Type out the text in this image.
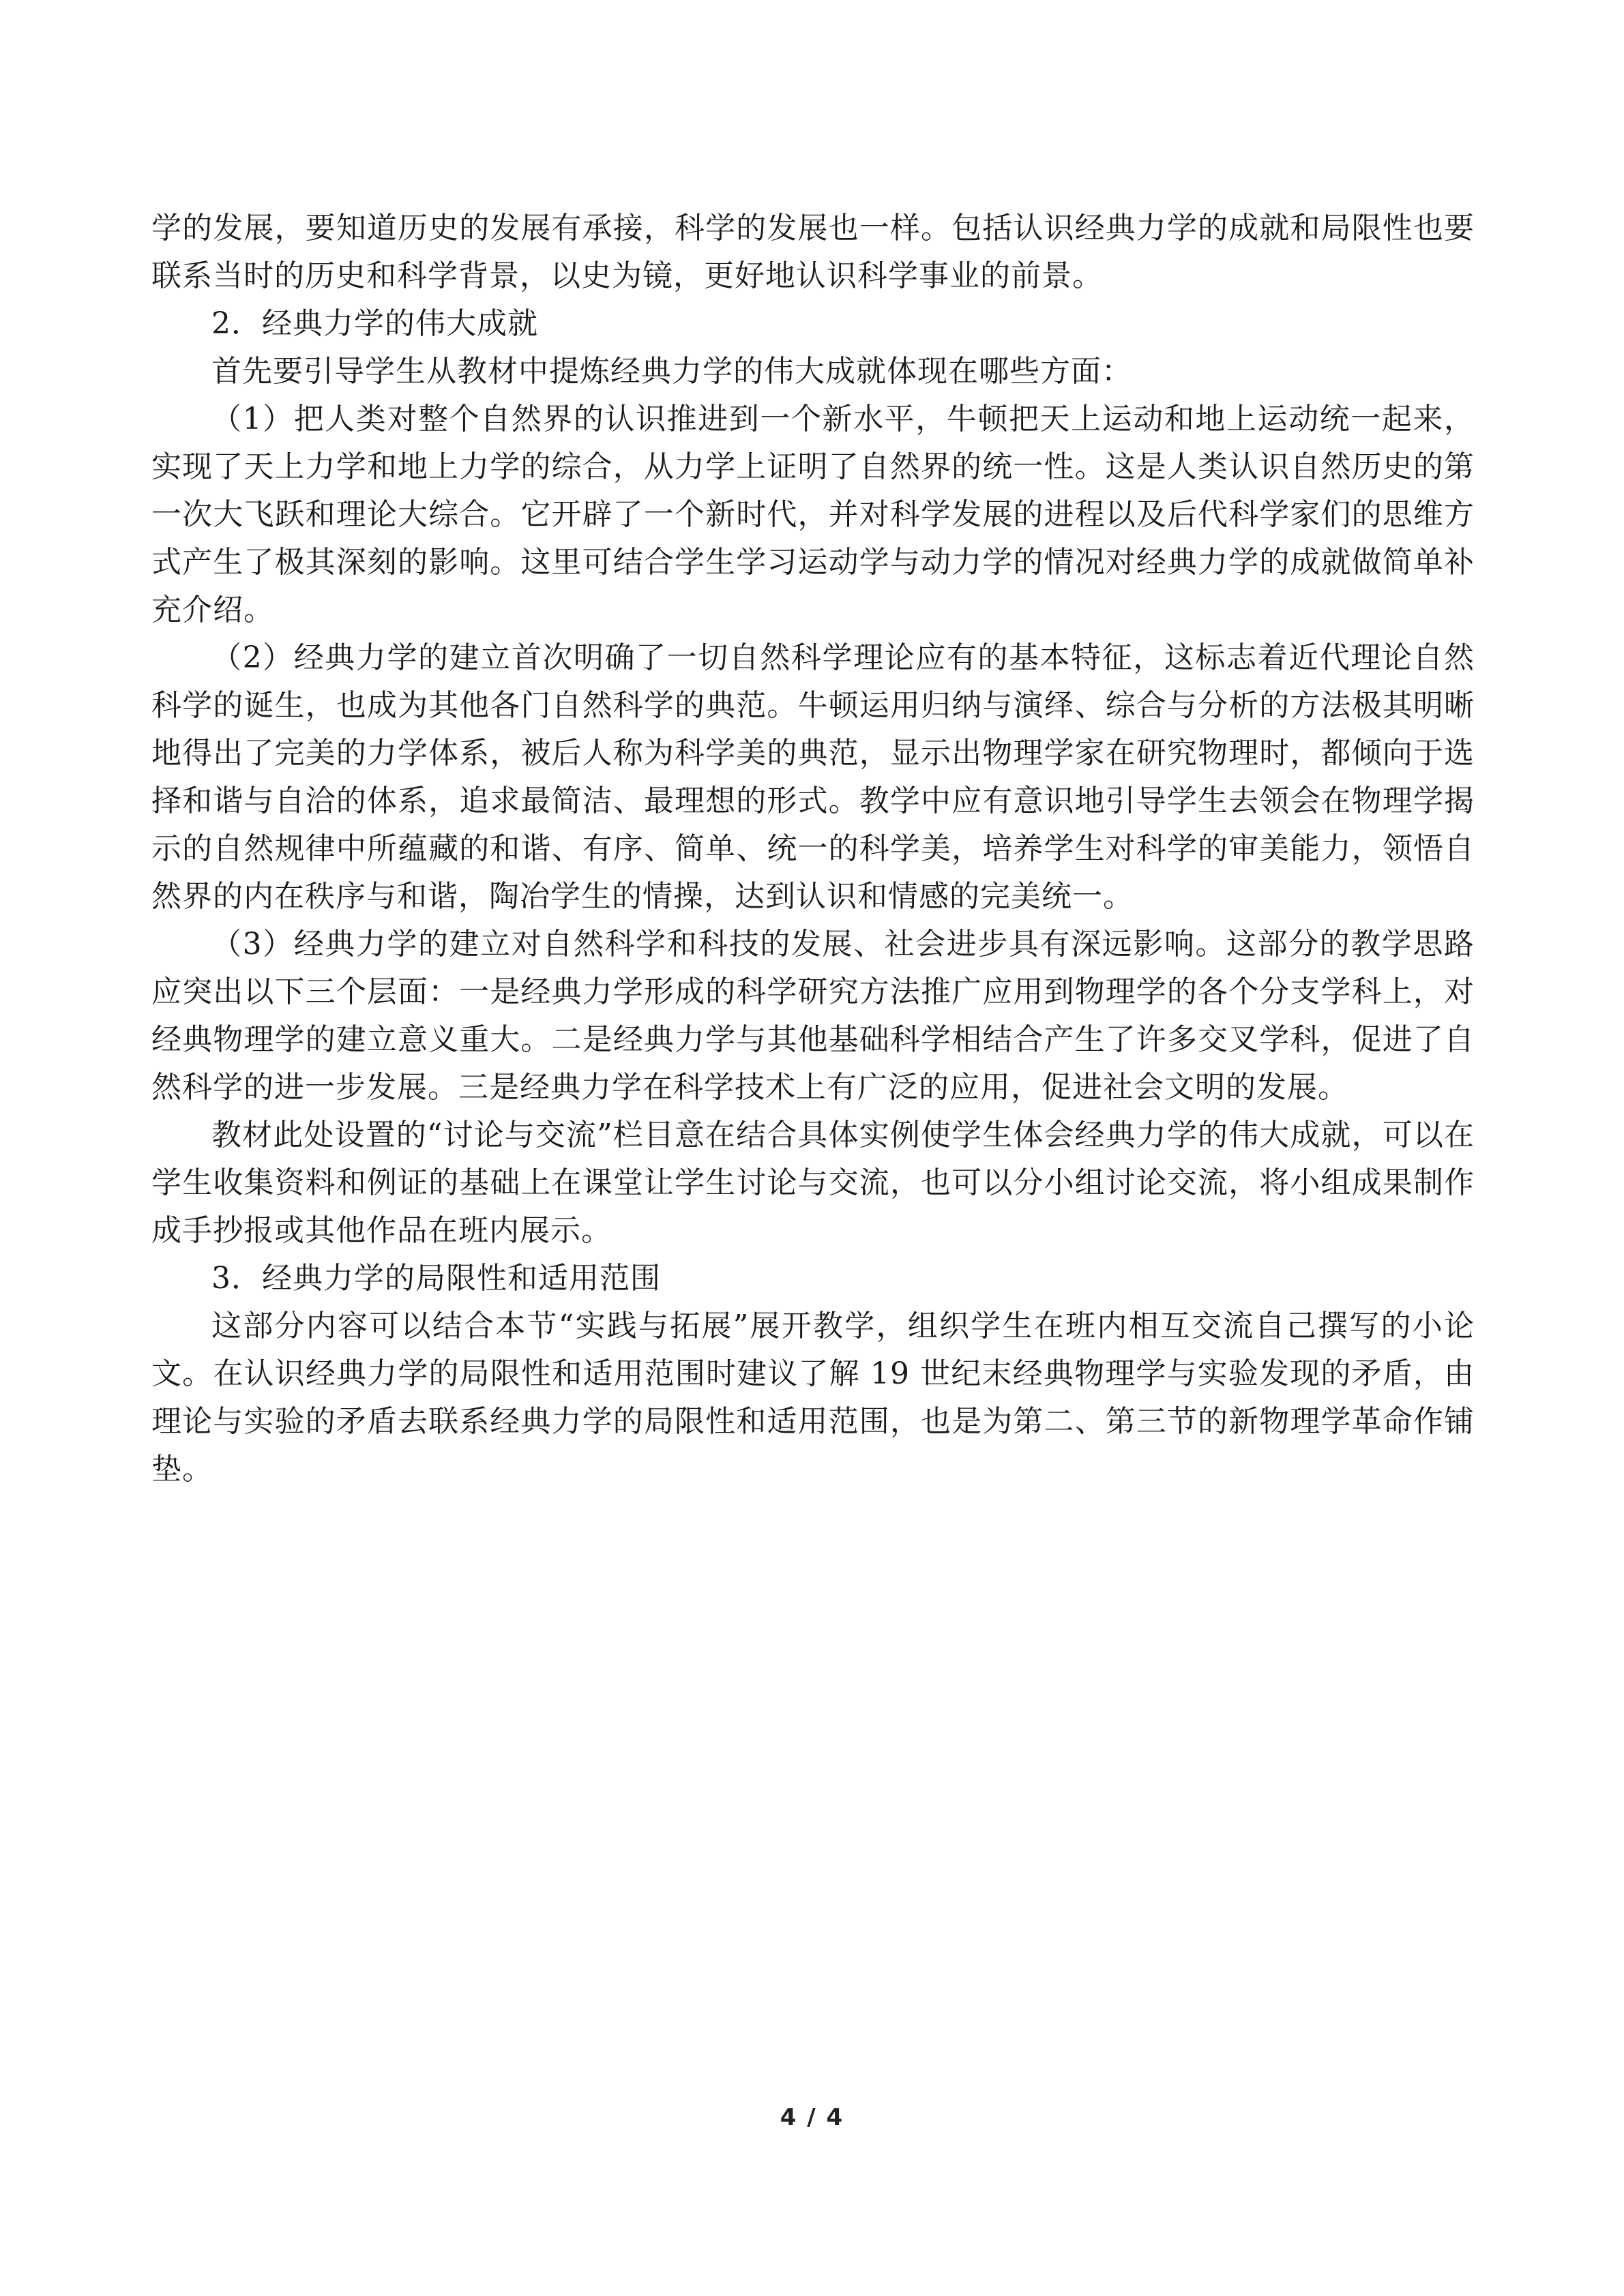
学的发展，要知道历史的发展有承接，科学的发展也一样。包括认识经典力学的成就和局限性也要联系当时的历史和科学背景，以史为镜，更好地认识科学事业的前景。

2．经典力学的伟大成就

首先要引导学生从教材中提炼经典力学的伟大成就体现在哪些方面：

（1）把人类对整个自然界的认识推进到一个新水平，牛顿把天上运动和地上运动统一起来，实现了天上力学和地上力学的综合，从力学上证明了自然界的统一性。这是人类认识自然历史的第一次大飞跃和理论大综合。它开辟了一个新时代，并对科学发展的进程以及后代科学家们的思维方式产生了极其深刻的影响。这里可结合学生学习运动学与动力学的情况对经典力学的成就做简单补充介绍。

（2）经典力学的建立首次明确了一切自然科学理论应有的基本特征，这标志着近代理论自然科学的诞生，也成为其他各门自然科学的典范。牛顿运用归纳与演绎、综合与分析的方法极其明晰地得出了完美的力学体系，被后人称为科学美的典范，显示出物理学家在研究物理时，都倾向于选择和谐与自洽的体系，追求最简洁、最理想的形式。教学中应有意识地引导学生去领会在物理学揭示的自然规律中所蕴藏的和谐、有序、简单、统一的科学美，培养学生对科学的审美能力，领悟自然界的内在秩序与和谐，陶冶学生的情操，达到认识和情感的完美统一。

（3）经典力学的建立对自然科学和科技的发展、社会进步具有深远影响。这部分的教学思路应突出以下三个层面：一是经典力学形成的科学研究方法推广应用到物理学的各个分支学科上，对经典物理学的建立意义重大。二是经典力学与其他基础科学相结合产生了许多交叉学科，促进了自然科学的进一步发展。三是经典力学在科学技术上有广泛的应用，促进社会文明的发展。

教材此处设置的“讨论与交流”栏目意在结合具体实例使学生体会经典力学的伟大成就，可以在学生收集资料和例证的基础上在课堂让学生讨论与交流，也可以分小组讨论交流，将小组成果制作成手抄报或其他作品在班内展示。

3．经典力学的局限性和适用范围

这部分内容可以结合本节“实践与拓展”展开教学，组织学生在班内相互交流自己撰写的小论文。在认识经典力学的局限性和适用范围时建议了解 19 世纪末经典物理学与实验发现的矛盾，由理论与实验的矛盾去联系经典力学的局限性和适用范围，也是为第二、第三节的新物理学革命作铺垫。

4 / 4
